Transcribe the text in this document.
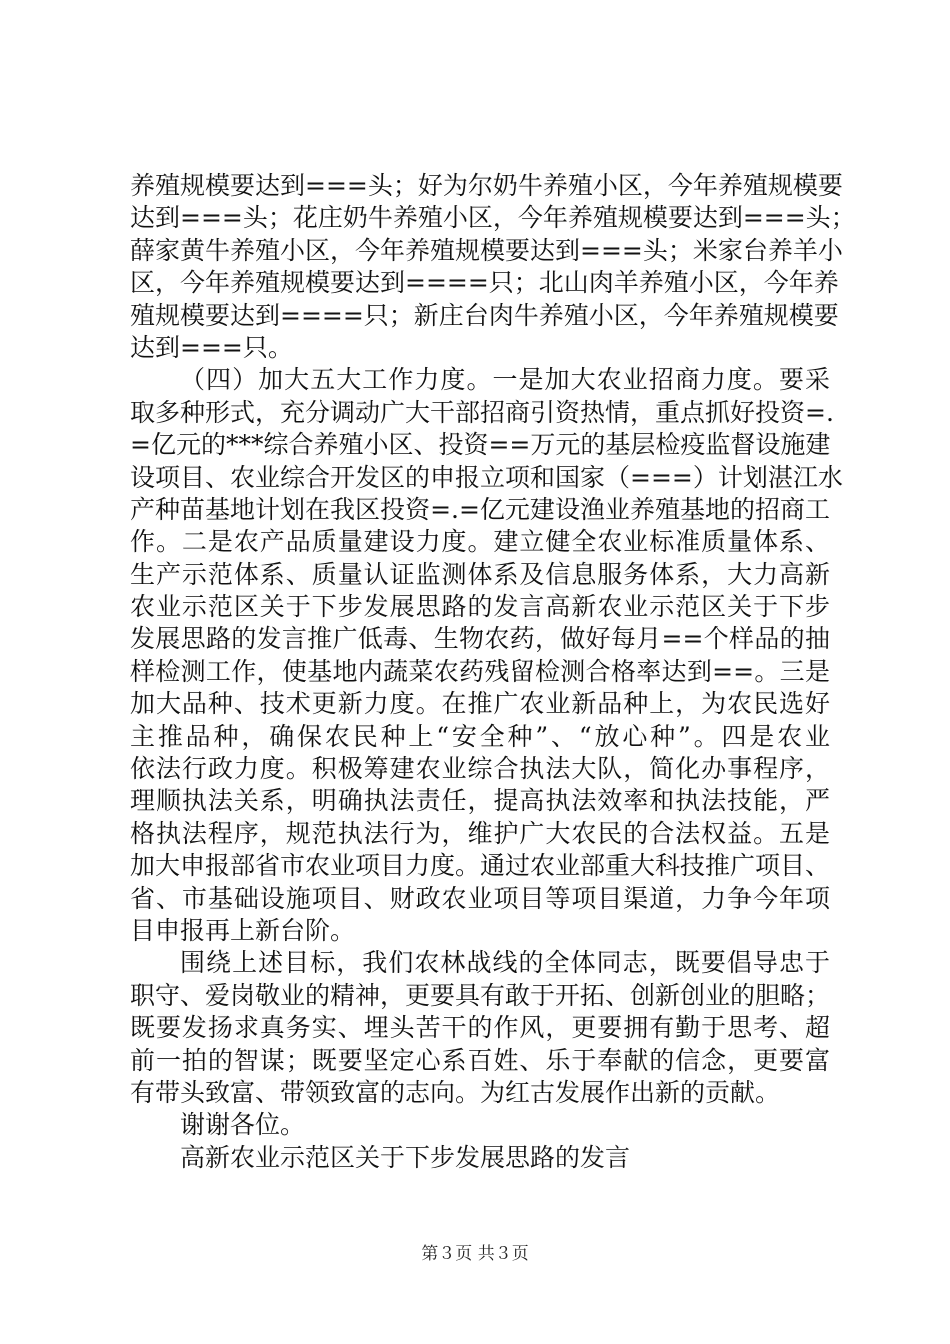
养殖规模要达到===头；好为尔奶牛养殖小区，今年养殖规模要
达到===头；花庄奶牛养殖小区，今年养殖规模要达到===头；
薛家黄牛养殖小区，今年养殖规模要达到===头；米家台养羊小
区，今年养殖规模要达到====只；北山肉羊养殖小区，今年养
殖规模要达到====只；新庄台肉牛养殖小区，今年养殖规模要
达到===只。
（四）加大五大工作力度。一是加大农业招商力度。要采
取多种形式，充分调动广大干部招商引资热情，重点抓好投资=.
=亿元的***综合养殖小区、投资==万元的基层检疫监督设施建
设项目、农业综合开发区的申报立项和国家（===）计划湛江水
产种苗基地计划在我区投资=.=亿元建设渔业养殖基地的招商工
作。二是农产品质量建设力度。建立健全农业标准质量体系、
生产示范体系、质量认证监测体系及信息服务体系，大力高新
农业示范区关于下步发展思路的发言高新农业示范区关于下步
发展思路的发言推广低毒、生物农药，做好每月==个样品的抽
样检测工作，使基地内蔬菜农药残留检测合格率达到==。三是
加大品种、技术更新力度。在推广农业新品种上，为农民选好
主推品种，确保农民种上“安全种”、“放心种”。四是农业
依法行政力度。积极筹建农业综合执法大队，简化办事程序，
理顺执法关系，明确执法责任，提高执法效率和执法技能，严
格执法程序，规范执法行为，维护广大农民的合法权益。五是
加大申报部省市农业项目力度。通过农业部重大科技推广项目、
省、市基础设施项目、财政农业项目等项目渠道，力争今年项
目申报再上新台阶。
围绕上述目标，我们农林战线的全体同志，既要倡导忠于
职守、爱岗敬业的精神，更要具有敢于开拓、创新创业的胆略；
既要发扬求真务实、埋头苦干的作风，更要拥有勤于思考、超
前一拍的智谋；既要坚定心系百姓、乐于奉献的信念，更要富
有带头致富、带领致富的志向。为红古发展作出新的贡献。
谢谢各位。
高新农业示范区关于下步发展思路的发言
第３页 共３页
